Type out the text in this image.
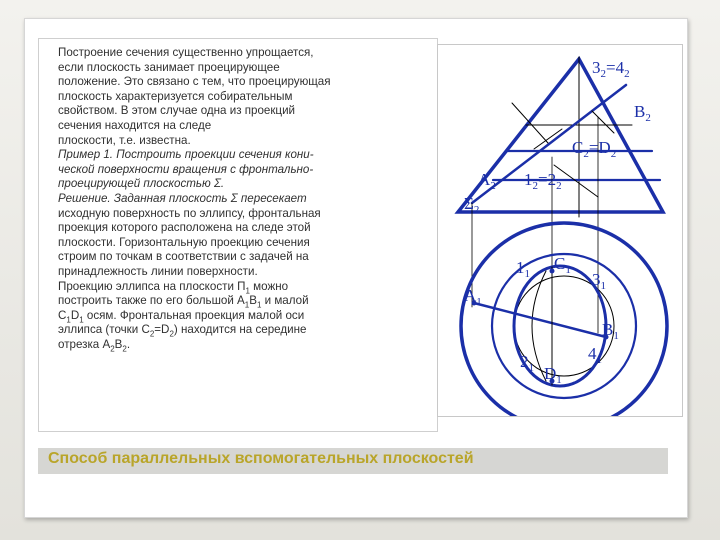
Построение сечения существенно упрощается,
если плоскость занимает проецирующее
положение. Это связано с тем, что проецирующая
плоскость характеризуется собирательным
свойством. В этом случае одна из проекций
сечения находится на следе
плоскости, т.е. известна.
Пример 1. Построить проекции сечения кони-
ческой поверхности вращения с фронтально-
проецирующей плоскостью Σ.
Решение. Заданная плоскость Σ пересекает
исходную поверхность по эллипсу, фронтальная
проекция которого расположена на следе этой
плоскости. Горизонтальную проекцию сечения
строим по точкам в соответствии с задачей на
принадлежность линии поверхности.
Проекцию эллипса на плоскости $П_1$ можно
построить также по его большой $A_1B_1$ и малой
$C_1D_1$ осям. Фронтальная проекция малой оси
эллипса (точки $C_2=D_2$) находится на середине
отрезка $A_2B_2$.
$3_2=4_2$
$B_2$
$C_2=D_2$
$A_2$ $1_2=2_2$
$\Sigma_2$
$1_1$
$C_1$ $3_1$
$A_1$
$B_1$
$2_1$ $D_1$
$4_1$
Способ параллельных вспомогательных плоскостей
